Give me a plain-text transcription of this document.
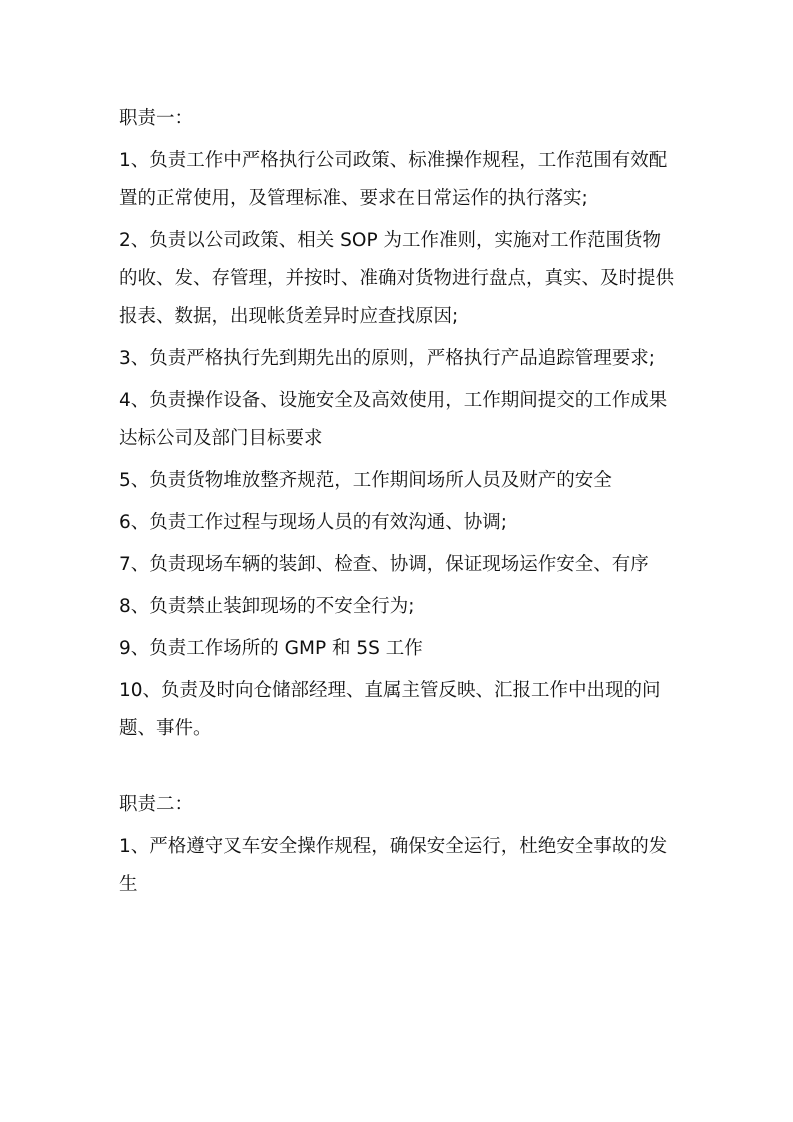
职责一：

1、负责工作中严格执行公司政策、标准操作规程，工作范围有效配置的正常使用，及管理标准、要求在日常运作的执行落实;

2、负责以公司政策、相关 SOP 为工作准则，实施对工作范围货物的收、发、存管理，并按时、准确对货物进行盘点，真实、及时提供报表、数据，出现帐货差异时应查找原因;

3、负责严格执行先到期先出的原则，严格执行产品追踪管理要求;

4、负责操作设备、设施安全及高效使用，工作期间提交的工作成果达标公司及部门目标要求

5、负责货物堆放整齐规范，工作期间场所人员及财产的安全

6、负责工作过程与现场人员的有效沟通、协调;

7、负责现场车辆的装卸、检查、协调，保证现场运作安全、有序

8、负责禁止装卸现场的不安全行为;

9、负责工作场所的 GMP 和 5S 工作

10、负责及时向仓储部经理、直属主管反映、汇报工作中出现的问题、事件。

职责二：

1、严格遵守叉车安全操作规程，确保安全运行，杜绝安全事故的发生
